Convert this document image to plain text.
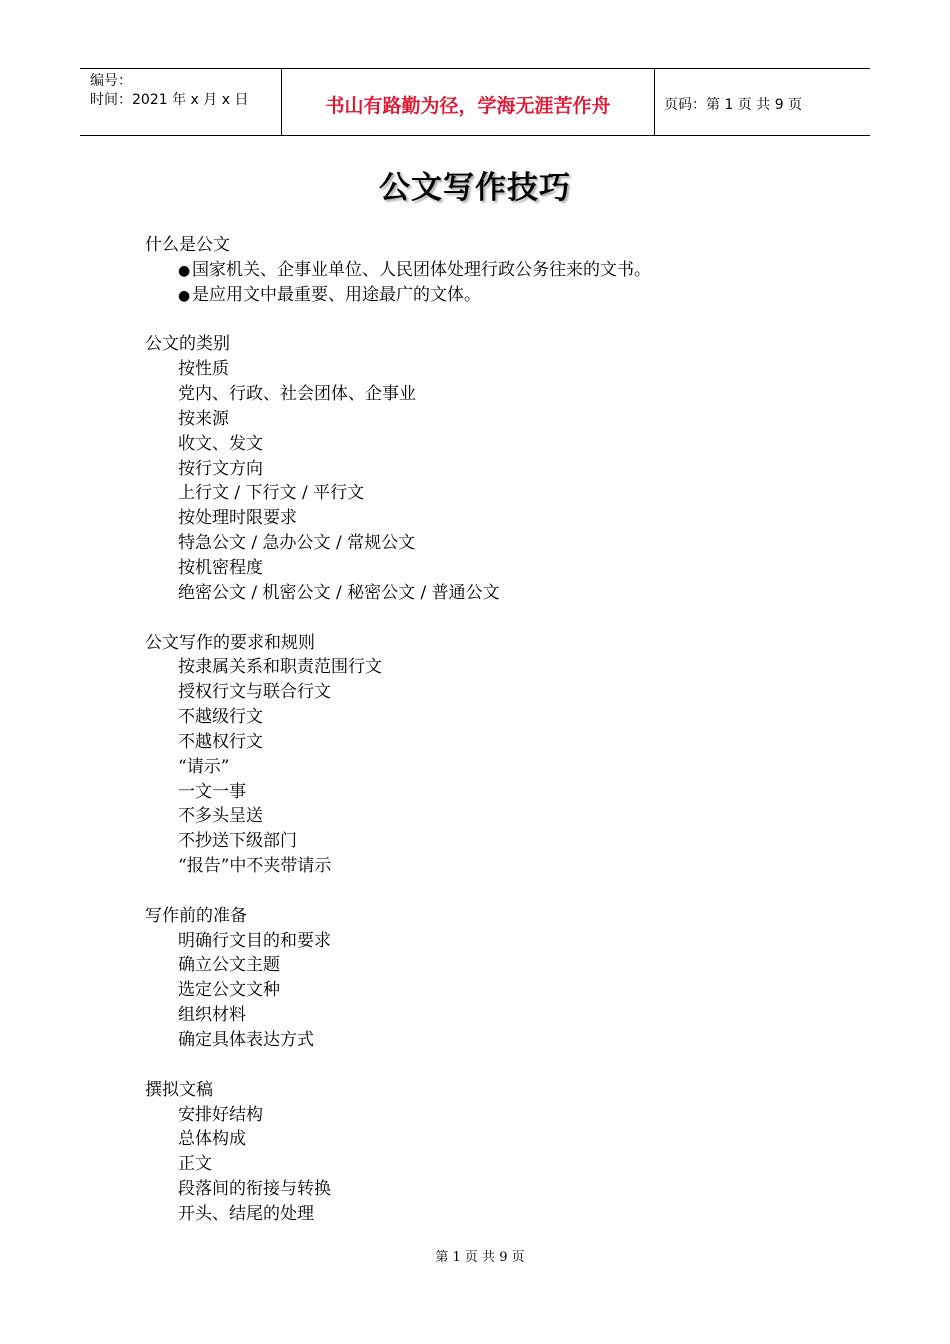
编号：
时间：2021 年 x 月 x 日	书山有路勤为径，学海无涯苦作舟	页码：第 1 页 共 9 页
公文写作技巧
什么是公文
● 国家机关、企事业单位、人民团体处理行政公务往来的文书。
● 是应用文中最重要、用途最广的文体。
公文的类别
按性质
党内、行政、社会团体、企事业
按来源
收文、发文
按行文方向
上行文 / 下行文 / 平行文
按处理时限要求
特急公文 / 急办公文 / 常规公文
按机密程度
绝密公文 / 机密公文 / 秘密公文 / 普通公文
公文写作的要求和规则
按隶属关系和职责范围行文
授权行文与联合行文
不越级行文
不越权行文
“请示”
一文一事
不多头呈送
不抄送下级部门
“报告”中不夹带请示
写作前的准备
明确行文目的和要求
确立公文主题
选定公文文种
组织材料
确定具体表达方式
撰拟文稿
安排好结构
总体构成
正文
段落间的衔接与转换
开头、结尾的处理
第 1 页 共 9 页
